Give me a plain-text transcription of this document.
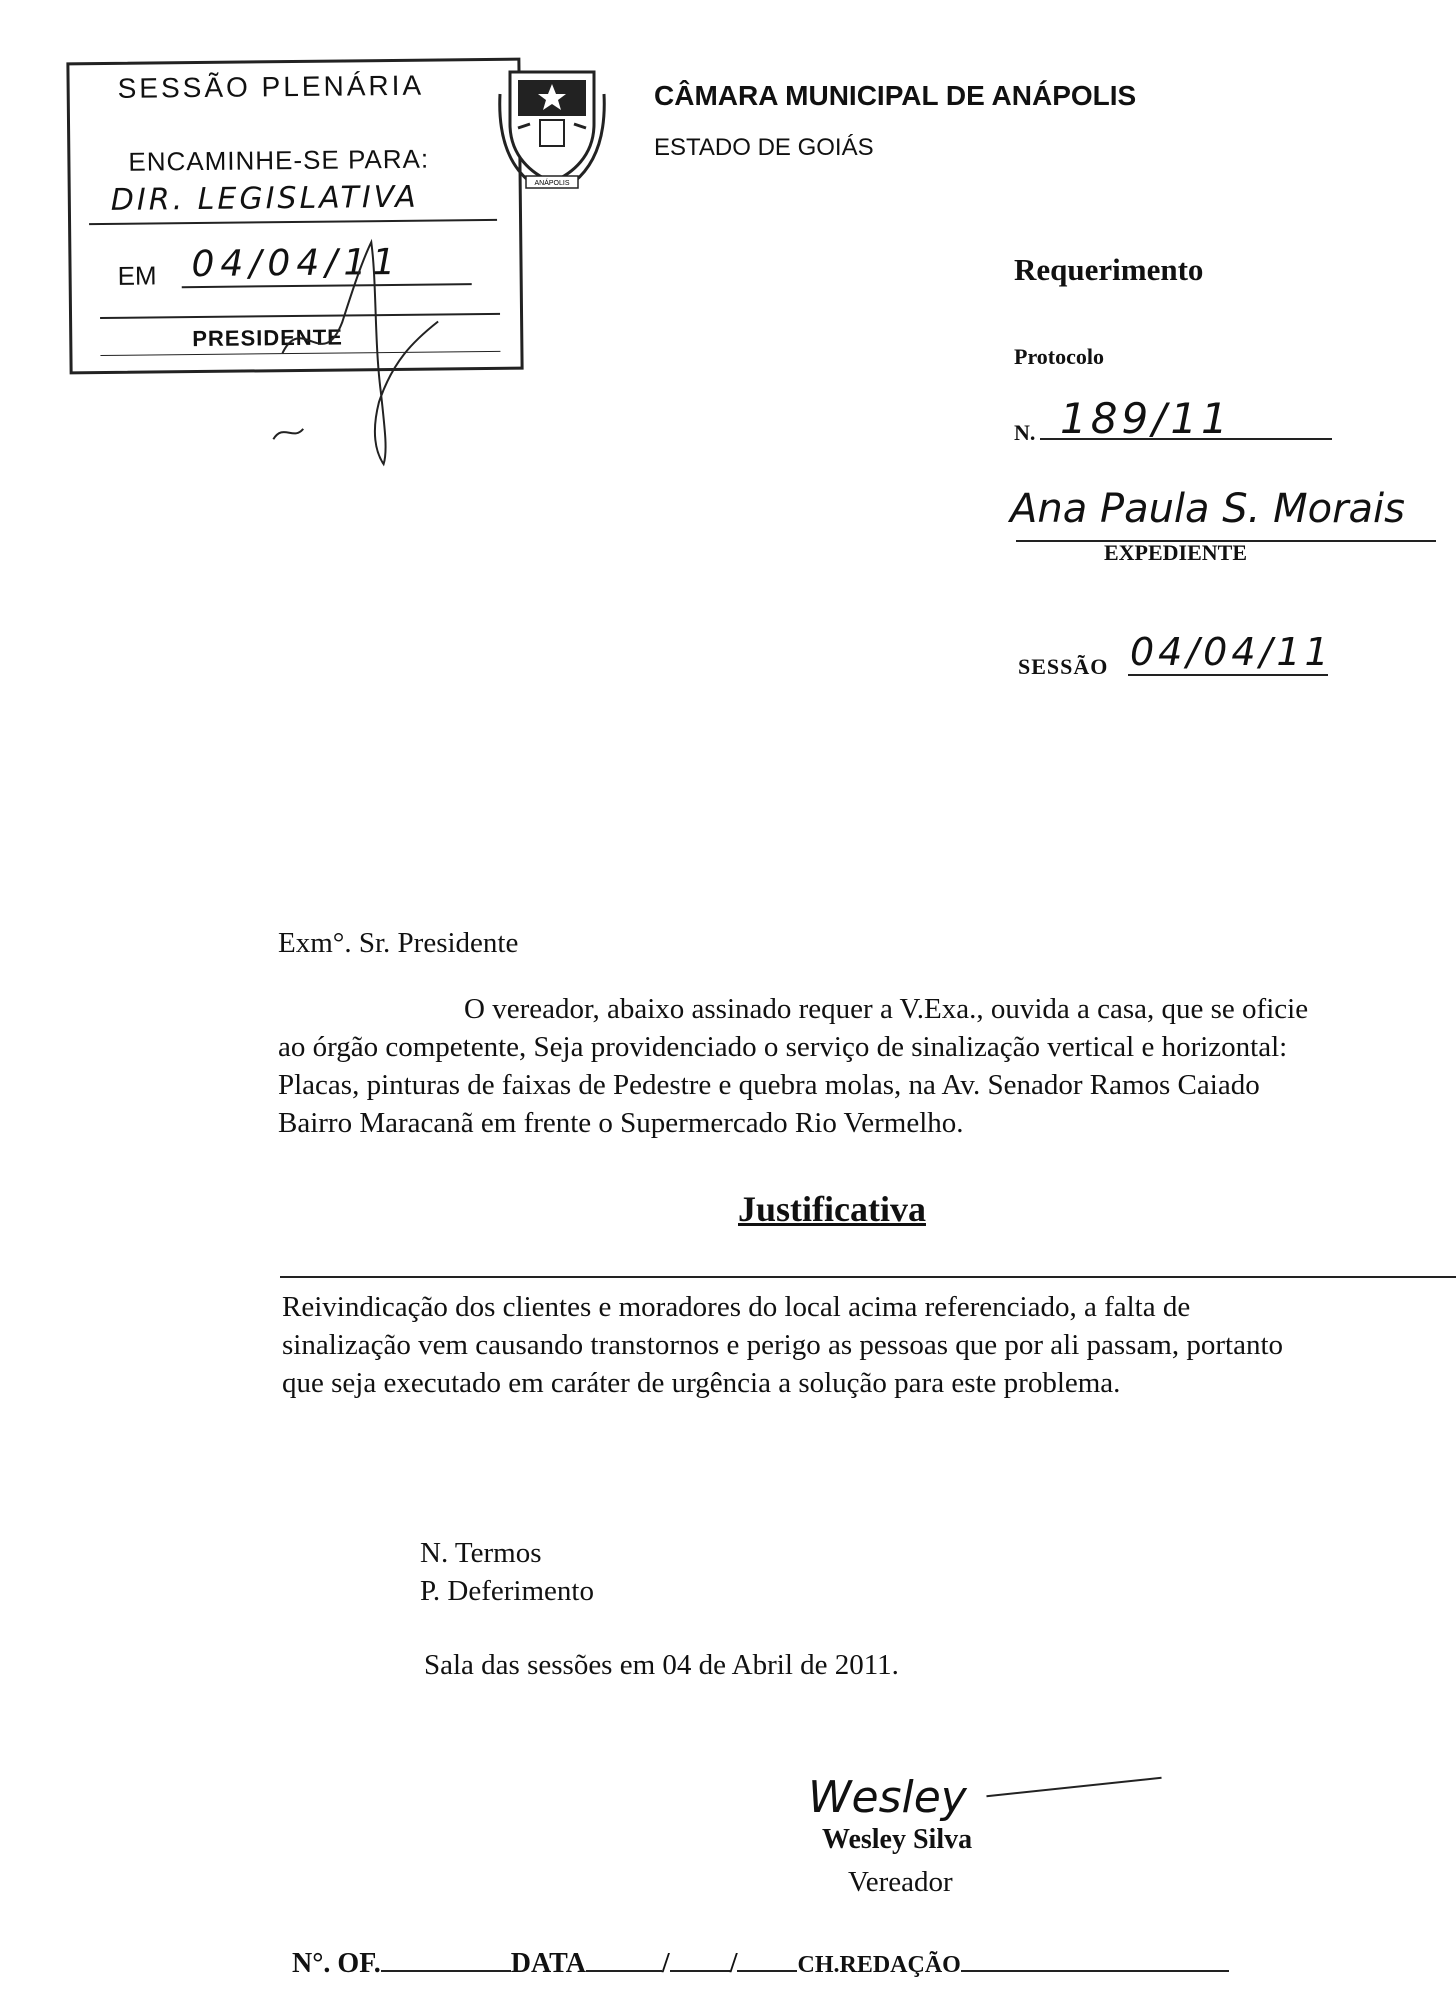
SESSÃO PLENÁRIA
ENCAMINHE-SE PARA:
DIR. LEGISLATIVA
EM 04/04/11
PRESIDENTE
ANÁPOLIS
CÂMARA MUNICIPAL DE ANÁPOLIS
ESTADO DE GOIÁS
Requerimento
Protocolo
N. 189/11
Ana Paula S. Morais
EXPEDIENTE
SESSÃO 04/04/11
Exm°. Sr. Presidente
O vereador, abaixo assinado requer a V.Exa., ouvida a casa, que se oficie
ao órgão competente, Seja providenciado o serviço de sinalização vertical e horizontal:
Placas, pinturas de faixas de Pedestre e quebra molas, na Av. Senador Ramos Caiado
Bairro Maracanã em frente o Supermercado Rio Vermelho.
Justificativa
Reivindicação dos clientes e moradores do local acima referenciado, a falta de
sinalização vem causando transtornos e perigo as pessoas que por ali passam, portanto
que seja executado em caráter de urgência a solução para este problema.
N. Termos
P. Deferimento
Sala das sessões em 04 de Abril de 2011.
Wesley
Wesley Silva
Vereador
N°. OF.	DATA	/ /	CH.REDAÇÃO
